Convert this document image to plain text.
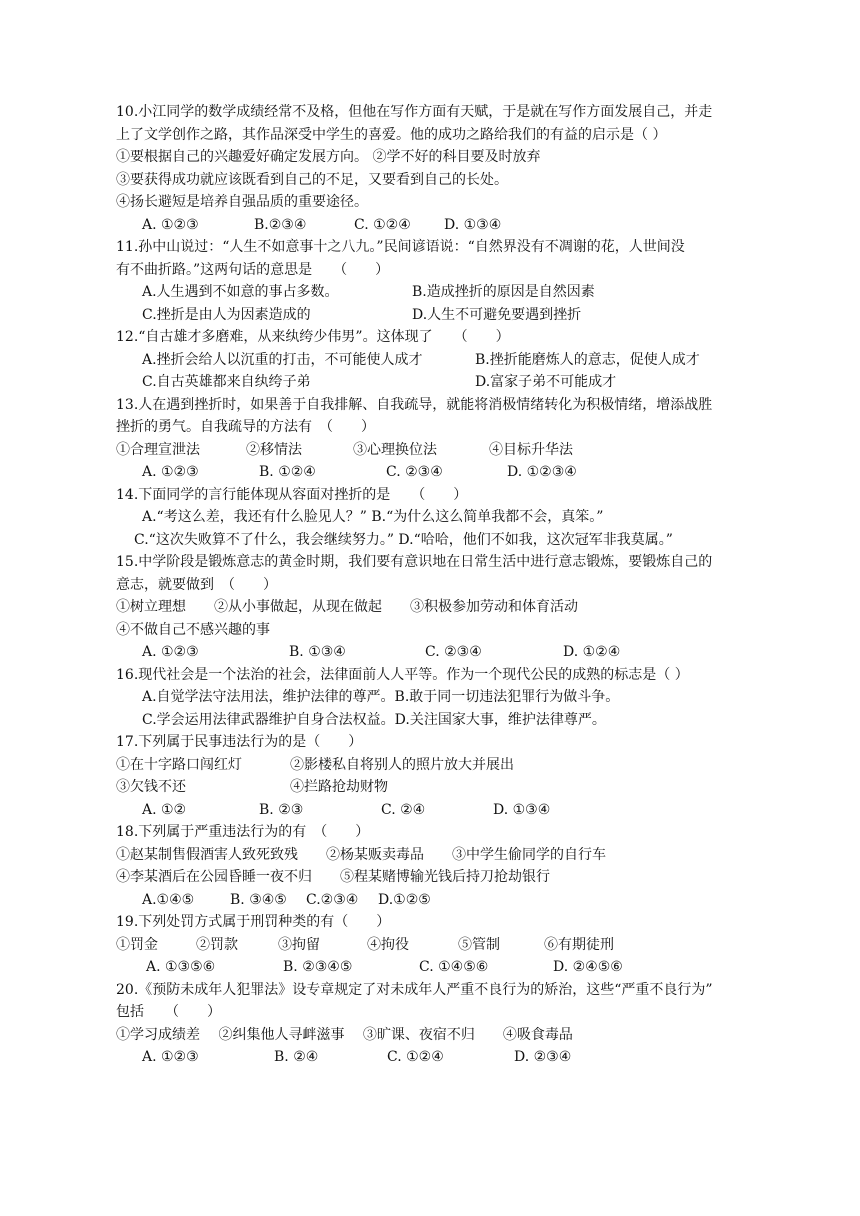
10.小江同学的数学成绩经常不及格，但他在写作方面有天赋，于是就在写作方面发展自己，并走
上了文学创作之路，其作品深受中学生的喜爱。他的成功之路给我们的有益的启示是（ ）
①要根据自己的兴趣爱好确定发展方向。 ②学不好的科目要及时放弃
③要获得成功就应该既看到自己的不足，又要看到自己的长处。
④扬长避短是培养自强品质的重要途径。
A. ①②③	B.②③④	C. ①②④	D. ①③④
11.孙中山说过：“人生不如意事十之八九。”民间谚语说：“自然界没有不凋谢的花，人世间没
有不曲折路。”这两句话的意思是　　（　　）
A.人生遇到不如意的事占多数。	B.造成挫折的原因是自然因素
C.挫折是由人为因素造成的	D.人生不可避免要遇到挫折
12.“自古雄才多磨难，从来纨绔少伟男”。这体现了　　（　　）
A.挫折会给人以沉重的打击，不可能使人成才	B.挫折能磨炼人的意志，促使人成才
C.自古英雄都来自纨绔子弟	D.富家子弟不可能成才
13.人在遇到挫折时，如果善于自我排解、自我疏导，就能将消极情绪转化为积极情绪，增添战胜
挫折的勇气。自我疏导的方法有　（　　）
①合理宣泄法	②移情法	③心理换位法	④目标升华法
A. ①②③	B. ①②④	C. ②③④	D. ①②③④
14.下面同学的言行能体现从容面对挫折的是　　（　　）
A.“考这么差，我还有什么脸见人？” B.“为什么这么简单我都不会，真笨。”
C.“这次失败算不了什么，我会继续努力。” D.“哈哈，他们不如我，这次冠军非我莫属。”
15.中学阶段是锻炼意志的黄金时期，我们要有意识地在日常生活中进行意志锻炼，要锻炼自己的
意志，就要做到　（　　）
①树立理想　　②从小事做起，从现在做起　　③积极参加劳动和体育活动
④不做自己不感兴趣的事
A. ①②③	B. ①③④	C. ②③④	D. ①②④
16.现代社会是一个法治的社会，法律面前人人平等。作为一个现代公民的成熟的标志是（ ）
A.自觉学法守法用法，维护法律的尊严。B.敢于同一切违法犯罪行为做斗争。
C.学会运用法律武器维护自身合法权益。D.关注国家大事，维护法律尊严。
17.下列属于民事违法行为的是（　　）
①在十字路口闯红灯	②影楼私自将别人的照片放大并展出
③欠钱不还	④拦路抢劫财物
A. ①②	B. ②③	C. ②④	D. ①③④
18.下列属于严重违法行为的有　（　　）
①赵某制售假酒害人致死致残　　②杨某贩卖毒品　　③中学生偷同学的自行车
④李某酒后在公园昏睡一夜不归　　⑤程某赌博输光钱后持刀抢劫银行
A.①④⑤	B. ③④⑤	C.②③④	D.①②⑤
19.下列处罚方式属于刑罚种类的有（　　）
①罚金	②罚款	③拘留	④拘役	⑤管制	⑥有期徒刑
A. ①③⑤⑥	B. ②③④⑤	C. ①④⑤⑥	D. ②④⑤⑥
20.《预防未成年人犯罪法》设专章规定了对未成年人严重不良行为的矫治，这些“严重不良行为”
包括　　（　　）
①学习成绩差　 ②纠集他人寻衅滋事　 ③旷课、夜宿不归　　④吸食毒品
A. ①②③	B. ②④	C. ①②④	D. ②③④
